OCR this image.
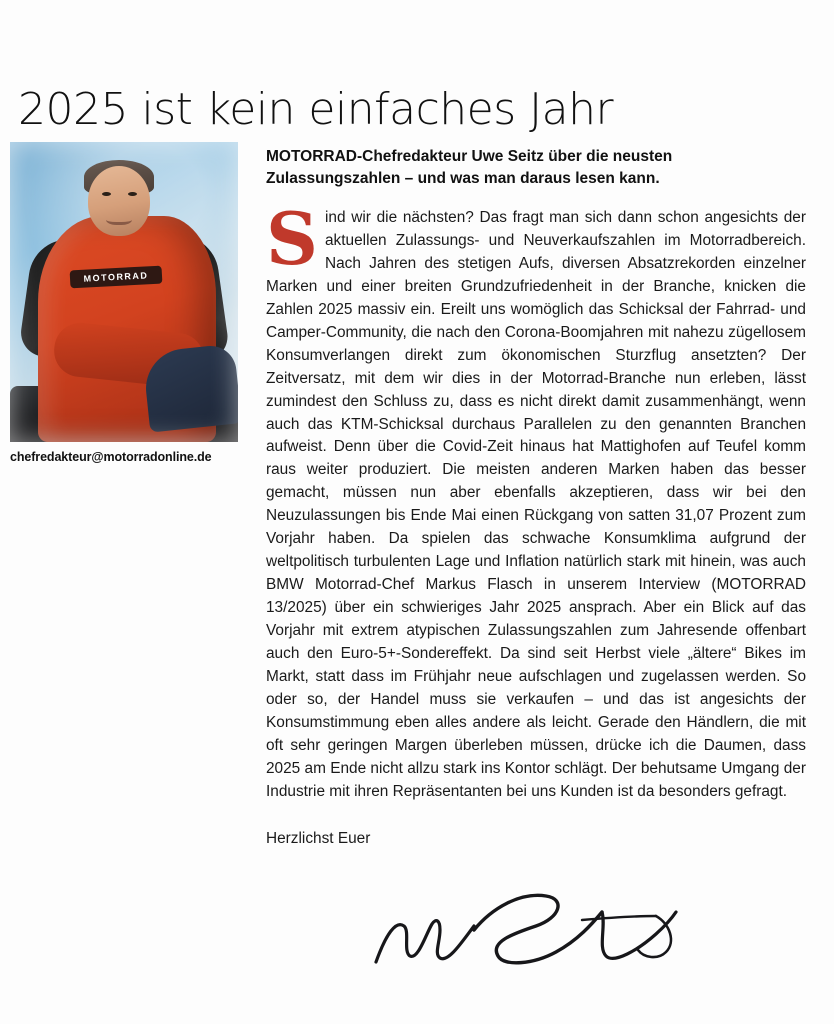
2025 ist kein einfaches Jahr
MOTORRAD
chefredakteur@motorradonline.de

MOTORRAD-Chefredakteur Uwe Seitz über die neusten Zulassungszahlen – und was man daraus lesen kann.

Sind wir die nächsten? Das fragt man sich dann schon angesichts der aktuellen Zulassungs- und Neuverkaufszahlen im Motorradbereich. Nach Jahren des stetigen Aufs, diversen Absatzrekorden einzelner Marken und einer breiten Grundzufriedenheit in der Branche, knicken die Zahlen 2025 massiv ein. Ereilt uns womöglich das Schicksal der Fahrrad- und Camper-Community, die nach den Corona-Boomjahren mit nahezu zügellosem Konsumverlangen direkt zum ökonomischen Sturzflug ansetzten? Der Zeitversatz, mit dem wir dies in der Motorrad-Branche nun erleben, lässt zumindest den Schluss zu, dass es nicht direkt damit zusammenhängt, wenn auch das KTM-Schicksal durchaus Parallelen zu den genannten Branchen aufweist. Denn über die Covid-Zeit hinaus hat Mattighofen auf Teufel komm raus weiter produziert. Die meisten anderen Marken haben das besser gemacht, müssen nun aber ebenfalls akzeptieren, dass wir bei den Neuzulassungen bis Ende Mai einen Rückgang von satten 31,07 Prozent zum Vorjahr haben. Da spielen das schwache Konsumklima aufgrund der weltpolitisch turbulenten Lage und Inflation natürlich stark mit hinein, was auch BMW Motorrad-Chef Markus Flasch in unserem Interview (MOTORRAD 13/2025) über ein schwieriges Jahr 2025 ansprach. Aber ein Blick auf das Vorjahr mit extrem atypischen Zulassungszahlen zum Jahresende offenbart auch den Euro-5+-Sondereffekt. Da sind seit Herbst viele „ältere“ Bikes im Markt, statt dass im Frühjahr neue aufschlagen und zugelassen werden. So oder so, der Handel muss sie verkaufen – und das ist angesichts der Konsumstimmung eben alles andere als leicht. Gerade den Händlern, die mit oft sehr geringen Margen überleben müssen, drücke ich die Daumen, dass 2025 am Ende nicht allzu stark ins Kontor schlägt. Der behutsame Umgang der Industrie mit ihren Repräsentanten bei uns Kunden ist da besonders gefragt.

Herzlichst Euer
